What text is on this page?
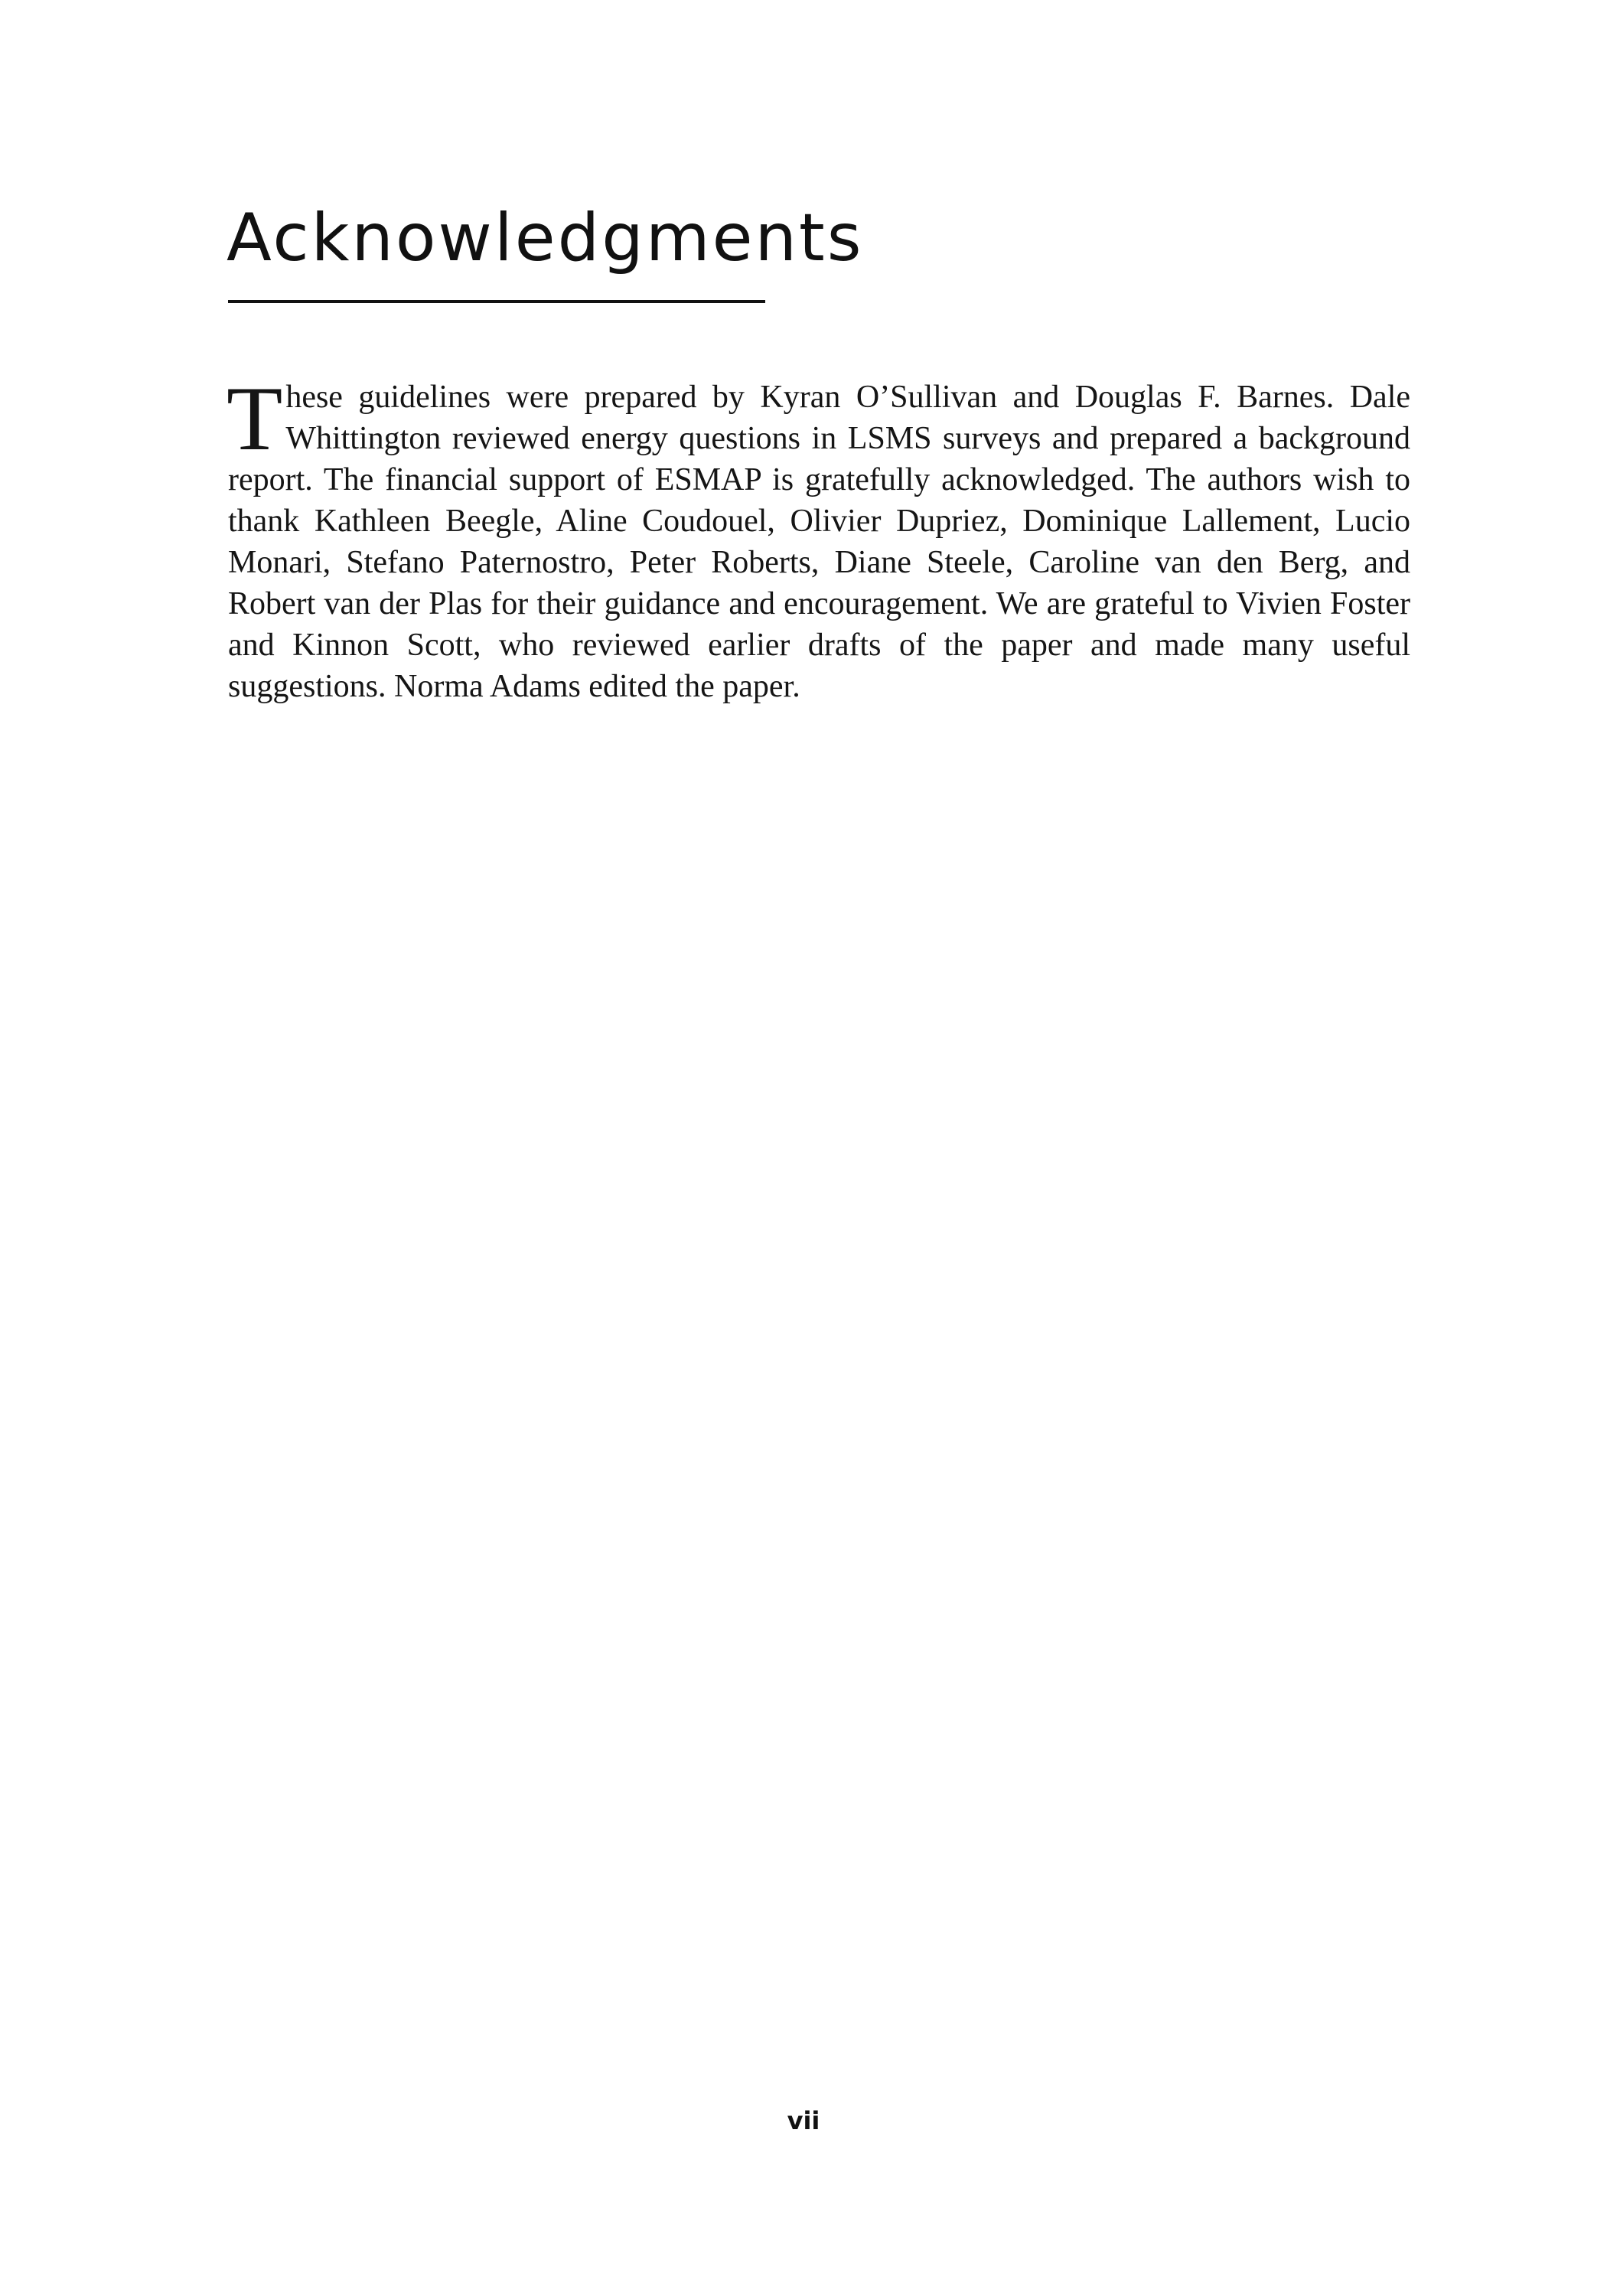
Acknowledgments

These guidelines were prepared by Kyran O’Sullivan and Douglas F. Barnes. Dale Whittington reviewed energy questions in LSMS surveys and prepared a background report. The financial support of ESMAP is gratefully acknowledged. The authors wish to thank Kathleen Beegle, Aline Coudouel, Olivier Dupriez, Dominique Lallement, Lucio Monari, Stefano Paternostro, Peter Roberts, Diane Steele, Caroline van den Berg, and Robert van der Plas for their guidance and encouragement. We are grateful to Vivien Foster and Kinnon Scott, who reviewed earlier drafts of the paper and made many useful suggestions. Norma Adams edited the paper.

vii
